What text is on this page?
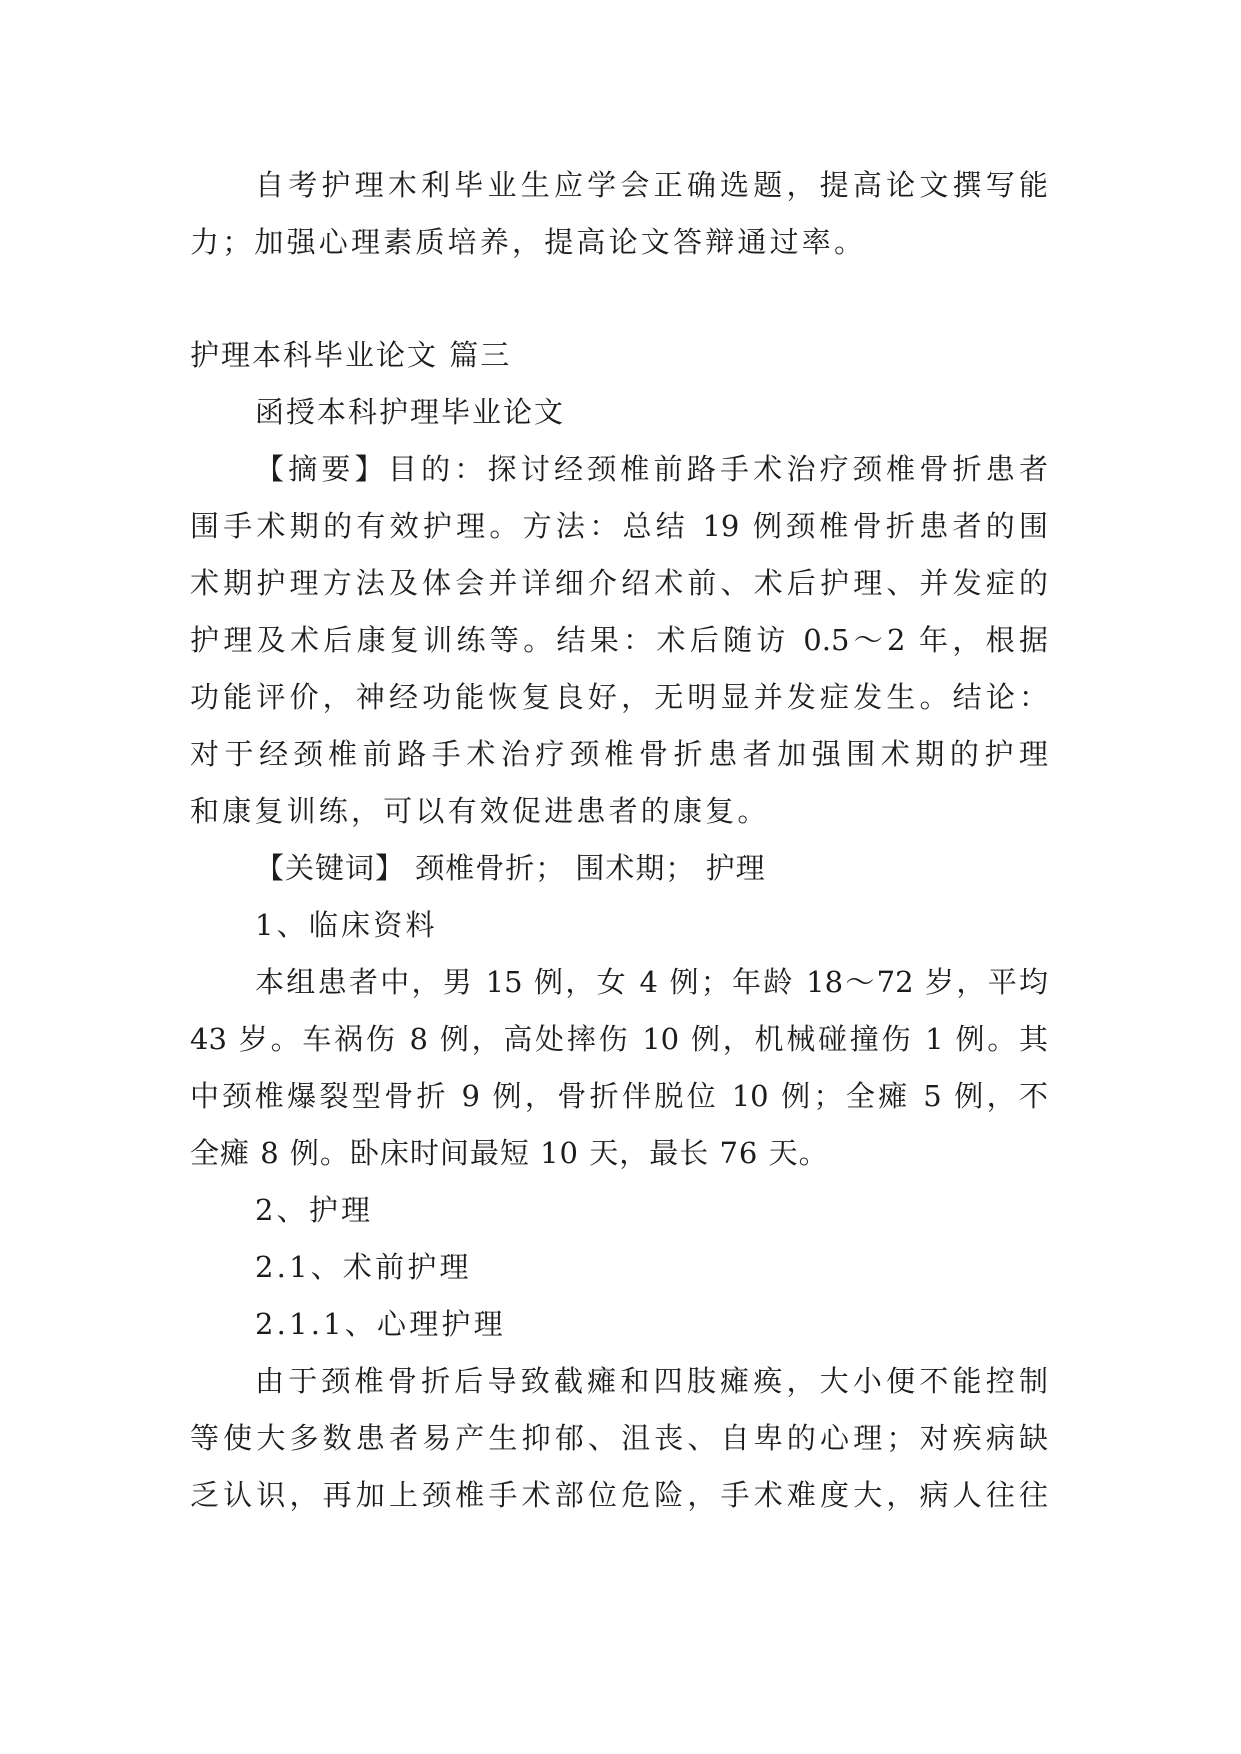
自考护理木利毕业生应学会正确选题，提高论文撰写能
力；加强心理素质培养，提高论文答辩通过率。
护理本科毕业论文 篇三
函授本科护理毕业论文
【摘要】目的：探讨经颈椎前路手术治疗颈椎骨折患者
围手术期的有效护理。方法：总结 19 例颈椎骨折患者的围
术期护理方法及体会并详细介绍术前、术后护理、并发症的
护理及术后康复训练等。结果：术后随访 0.5～2 年，根据
功能评价，神经功能恢复良好，无明显并发症发生。结论：
对于经颈椎前路手术治疗颈椎骨折患者加强围术期的护理
和康复训练，可以有效促进患者的康复。
【关键词】 颈椎骨折； 围术期； 护理
1、临床资料
本组患者中，男 15 例，女 4 例；年龄 18～72 岁，平均
43 岁。车祸伤 8 例，高处摔伤 10 例，机械碰撞伤 1 例。其
中颈椎爆裂型骨折 9 例，骨折伴脱位 10 例；全瘫 5 例，不
全瘫 8 例。卧床时间最短 10 天，最长 76 天。
2、护理
2.1、术前护理
2.1.1、心理护理
由于颈椎骨折后导致截瘫和四肢瘫痪，大小便不能控制
等使大多数患者易产生抑郁、沮丧、自卑的心理；对疾病缺
乏认识，再加上颈椎手术部位危险，手术难度大，病人往往
